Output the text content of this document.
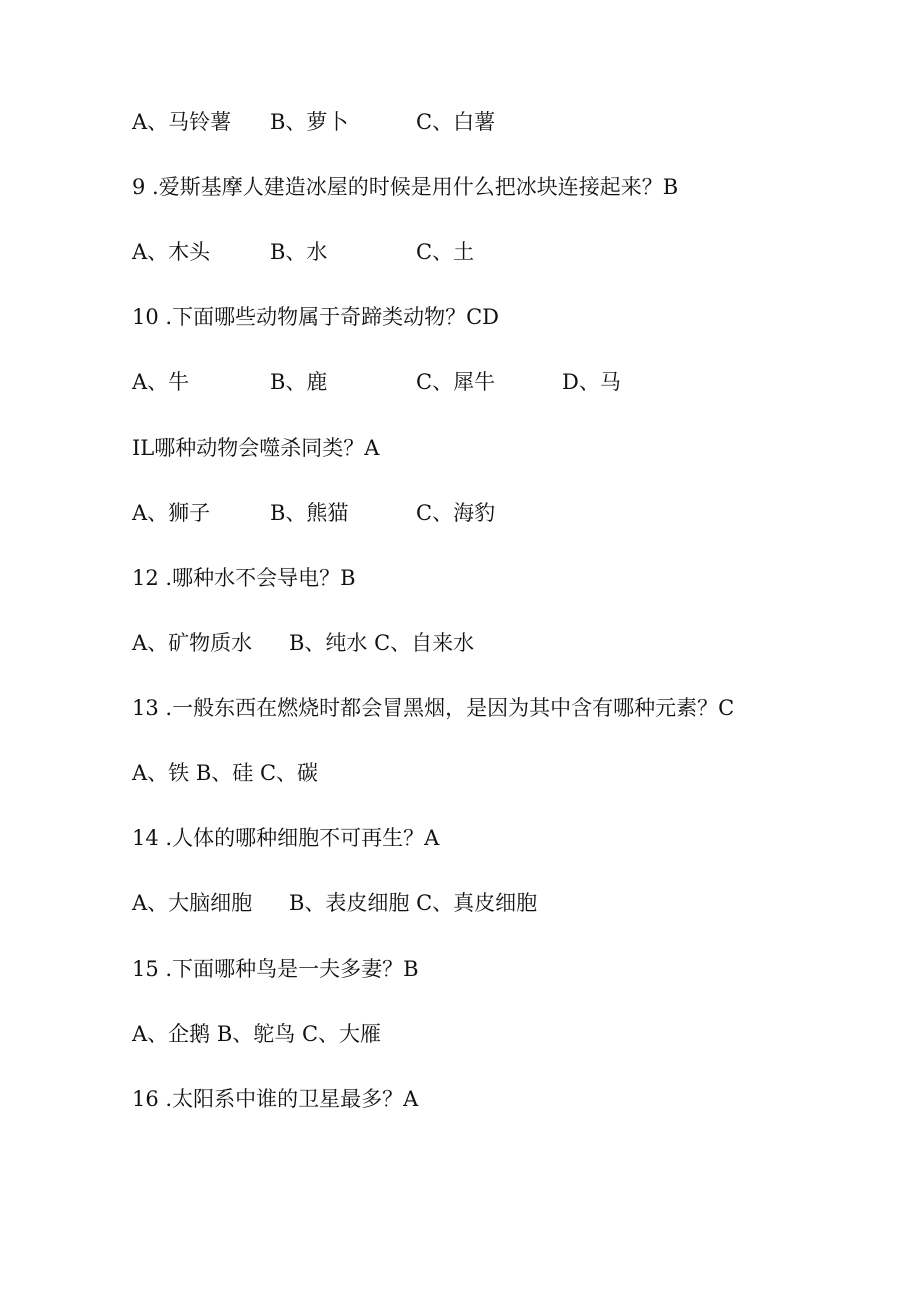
A、马铃薯 B、萝卜	C、白薯
9 .爱斯基摩人建造冰屋的时候是用什么把冰块连接起来？B
A、木头	B、水	C、土
10 .下面哪些动物属于奇蹄类动物？CD
A、牛	B、鹿	C、犀牛	D、马
IL哪种动物会噬杀同类？A
A、狮子	B、熊猫	C、海豹
12 .哪种水不会导电？B
A、矿物质水 B、纯水 C、自来水
13 .一般东西在燃烧时都会冒黑烟，是因为其中含有哪种元素？C
A、铁 B、硅 C、碳
14 .人体的哪种细胞不可再生？A
A、大脑细胞 B、表皮细胞 C、真皮细胞
15 .下面哪种鸟是一夫多妻？B
A、企鹅 B、鸵鸟 C、大雁
16 .太阳系中谁的卫星最多？A
